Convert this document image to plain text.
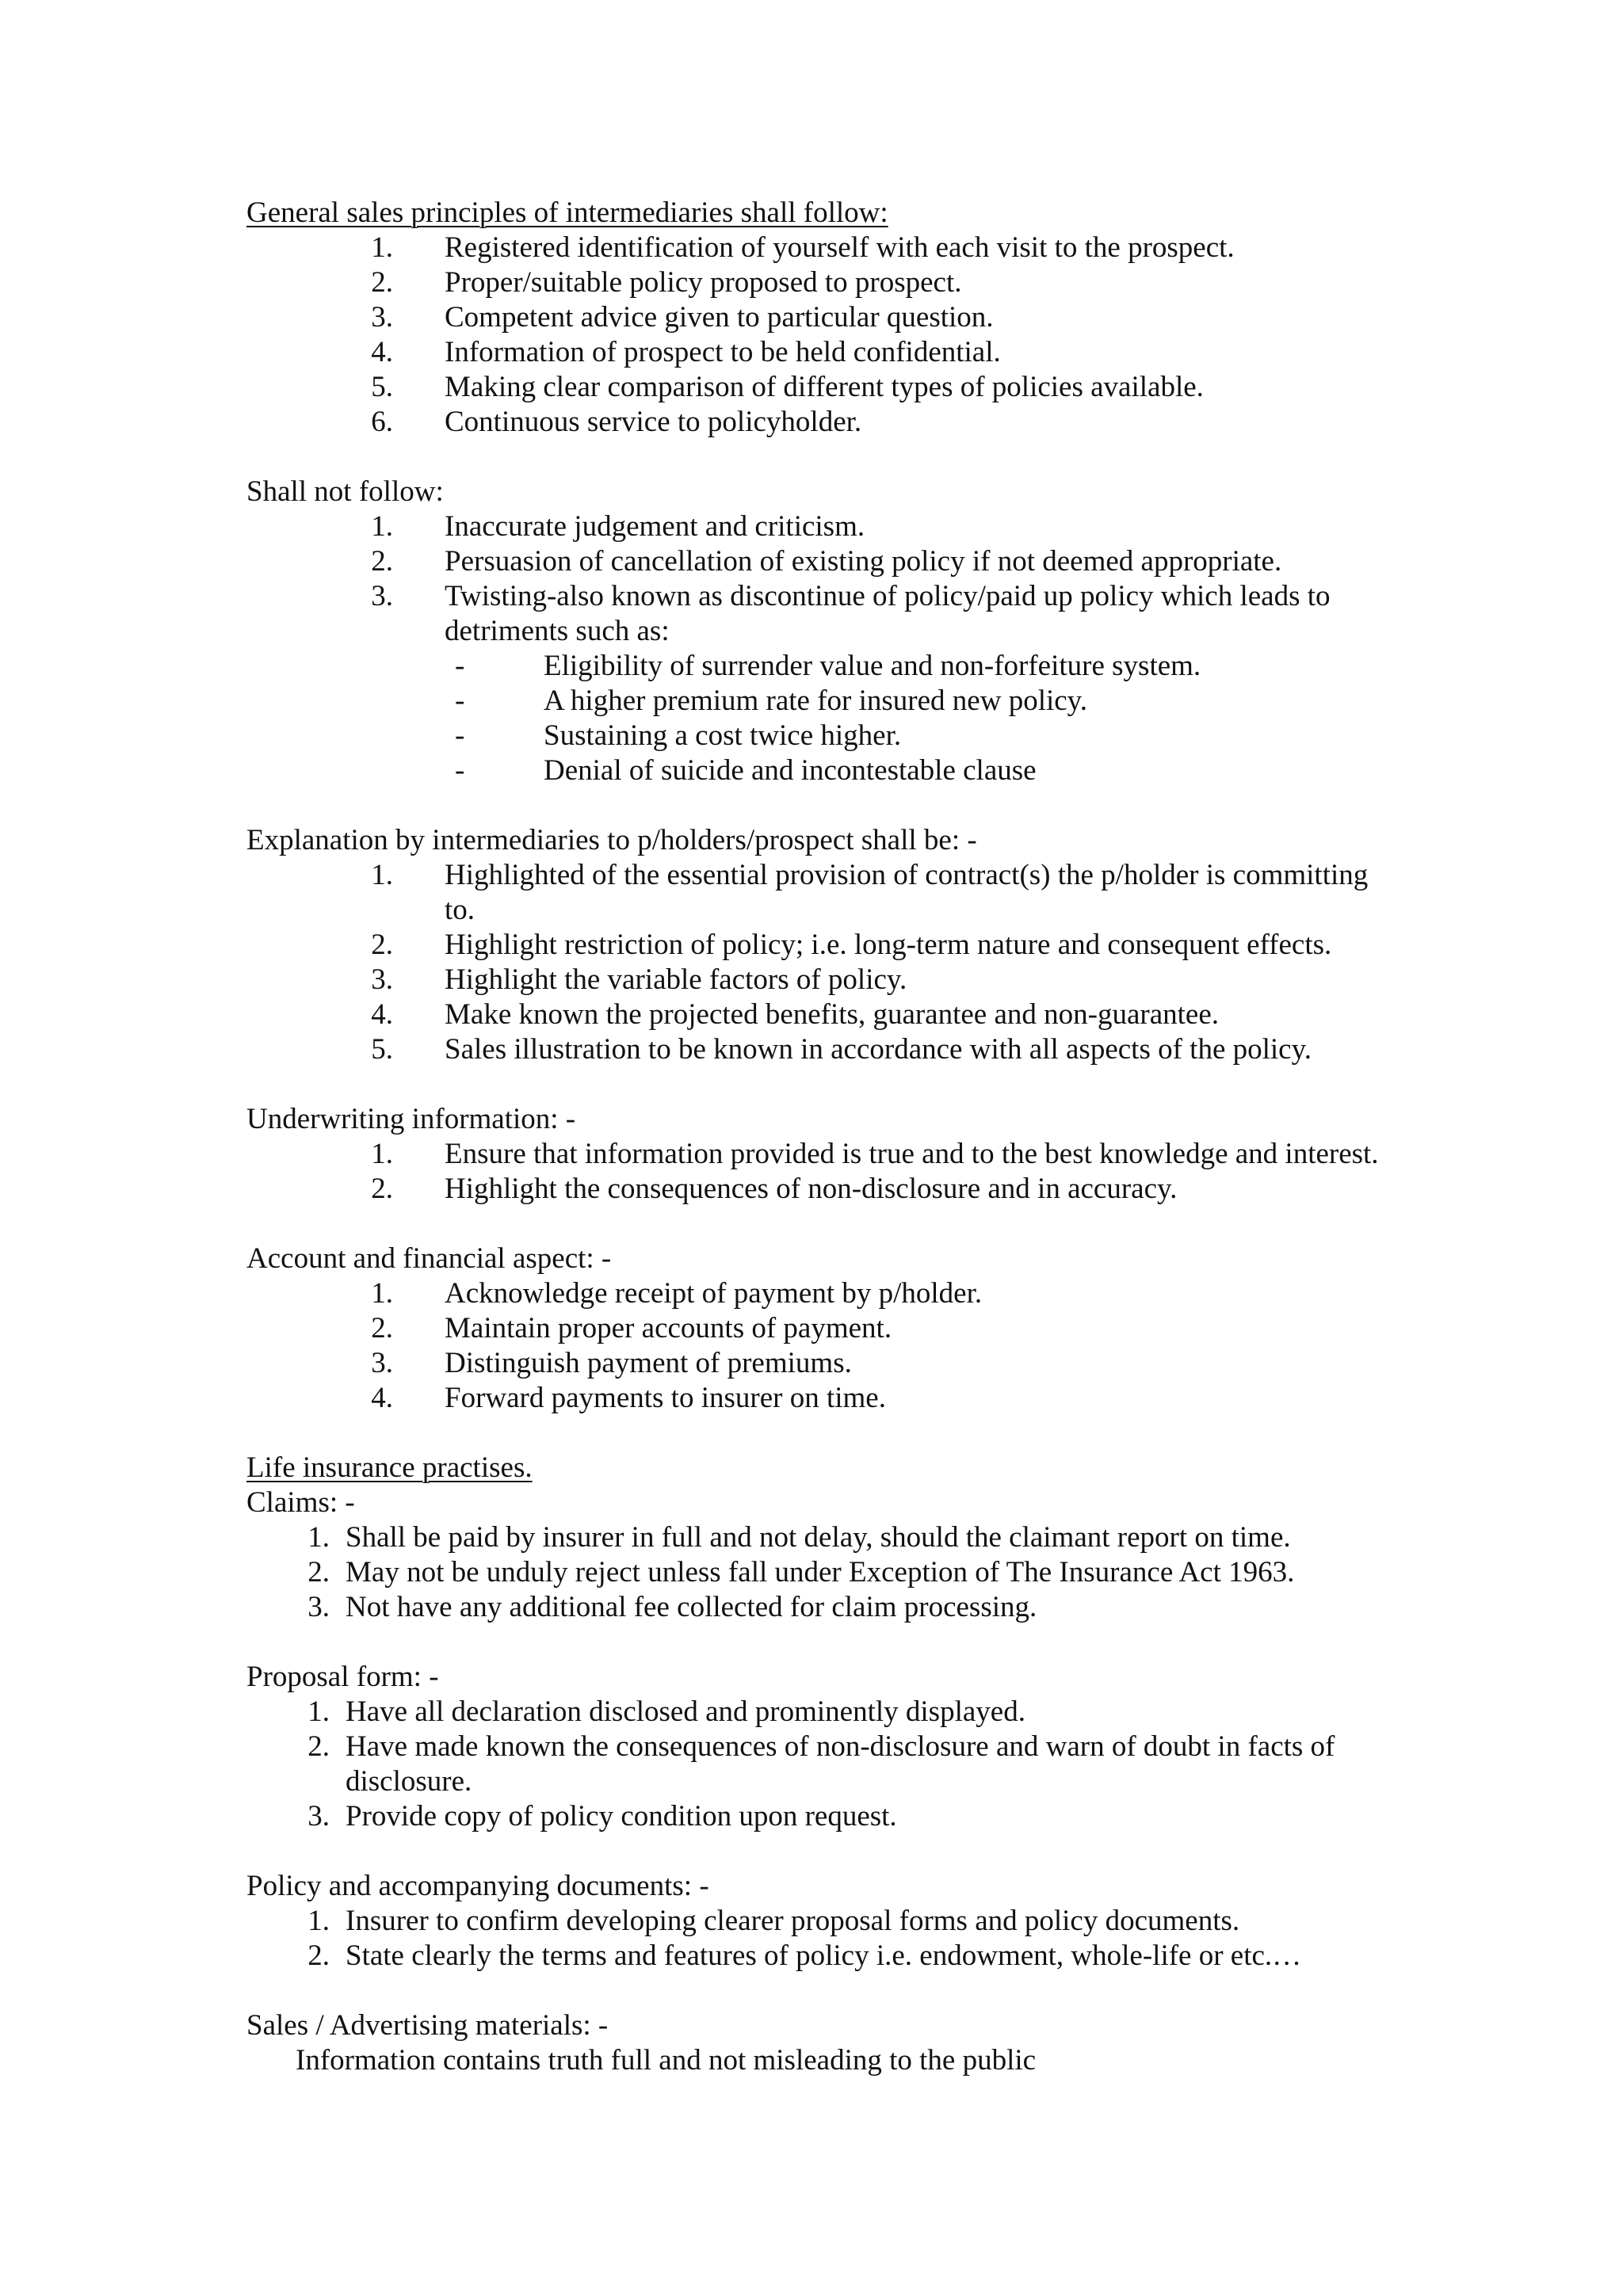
General sales principles of intermediaries shall follow:
1. Registered identification of yourself with each visit to the prospect.
2. Proper/suitable policy proposed to prospect.
3. Competent advice given to particular question.
4. Information of prospect to be held confidential.
5. Making clear comparison of different types of policies available.
6. Continuous service to policyholder.
Shall not follow:
1. Inaccurate judgement and criticism.
2. Persuasion of cancellation of existing policy if not deemed appropriate.
3. Twisting-also known as discontinue of policy/paid up policy which leads to detriments such as:
-	Eligibility of surrender value and non-forfeiture system.
-	A higher premium rate for insured new policy.
-	Sustaining a cost twice higher.
-	Denial of suicide and incontestable clause
Explanation by intermediaries to p/holders/prospect shall be: -
1. Highlighted of the essential provision of contract(s) the p/holder is committing to.
2. Highlight restriction of policy; i.e. long-term nature and consequent effects.
3. Highlight the variable factors of policy.
4. Make known the projected benefits, guarantee and non-guarantee.
5. Sales illustration to be known in accordance with all aspects of the policy.
Underwriting information: -
1. Ensure that information provided is true and to the best knowledge and interest.
2. Highlight the consequences of non-disclosure and in accuracy.
Account and financial aspect: -
1. Acknowledge receipt of payment by p/holder.
2. Maintain proper accounts of payment.
3. Distinguish payment of premiums.
4. Forward payments to insurer on time.
Life insurance practises.
Claims: -
1. Shall be paid by insurer in full and not delay, should the claimant report on time.
2. May not be unduly reject unless fall under Exception of The Insurance Act 1963.
3. Not have any additional fee collected for claim processing.
Proposal form: -
1. Have all declaration disclosed and prominently displayed.
2. Have made known the consequences of non-disclosure and warn of doubt in facts of disclosure.
3. Provide copy of policy condition upon request.
Policy and accompanying documents: -
1. Insurer to confirm developing clearer proposal forms and policy documents.
2. State clearly the terms and features of policy i.e. endowment, whole-life or etc.…
Sales / Advertising materials: -
Information contains truth full and not misleading to the public
